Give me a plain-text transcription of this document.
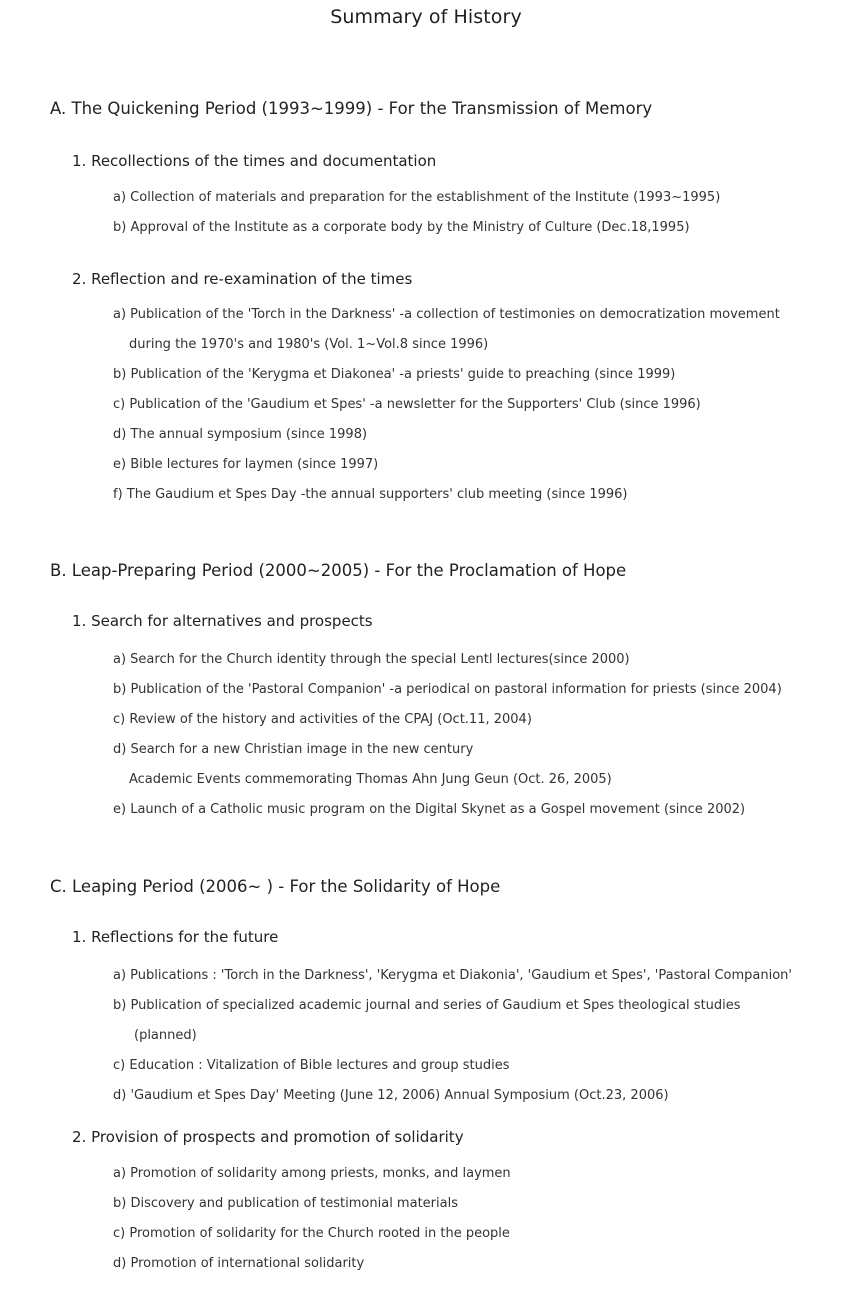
Summary of History
A. The Quickening Period (1993~1999) - For the Transmission of Memory
1. Recollections of the times and documentation
a) Collection of materials and preparation for the establishment of the Institute (1993~1995)
b) Approval of the Institute as a corporate body by the Ministry of Culture (Dec.18,1995)
2. Reflection and re-examination of the times
a) Publication of the 'Torch in the Darkness' -a collection of testimonies on democratization movement
during the 1970's and 1980's (Vol. 1~Vol.8 since 1996)
b) Publication of the 'Kerygma et Diakonea' -a priests' guide to preaching (since 1999)
c) Publication of the 'Gaudium et Spes' -a newsletter for the Supporters' Club (since 1996)
d) The annual symposium (since 1998)
e) Bible lectures for laymen (since 1997)
f) The Gaudium et Spes Day -the annual supporters' club meeting (since 1996)
B. Leap-Preparing Period (2000~2005) - For the Proclamation of Hope
1. Search for alternatives and prospects
a) Search for the Church identity through the special Lentl lectures(since 2000)
b) Publication of the 'Pastoral Companion' -a periodical on pastoral information for priests (since 2004)
c) Review of the history and activities of the CPAJ (Oct.11, 2004)
d) Search for a new Christian image in the new century
Academic Events commemorating Thomas Ahn Jung Geun (Oct. 26, 2005)
e) Launch of a Catholic music program on the Digital Skynet as a Gospel movement (since 2002)
C. Leaping Period (2006~ ) - For the Solidarity of Hope
1. Reflections for the future
a) Publications : 'Torch in the Darkness', 'Kerygma et Diakonia', 'Gaudium et Spes', 'Pastoral Companion'
b) Publication of specialized academic journal and series of Gaudium et Spes theological studies
(planned)
c) Education : Vitalization of Bible lectures and group studies
d) 'Gaudium et Spes Day' Meeting (June 12, 2006) Annual Symposium (Oct.23, 2006)
2. Provision of prospects and promotion of solidarity
a) Promotion of solidarity among priests, monks, and laymen
b) Discovery and publication of testimonial materials
c) Promotion of solidarity for the Church rooted in the people
d) Promotion of international solidarity
